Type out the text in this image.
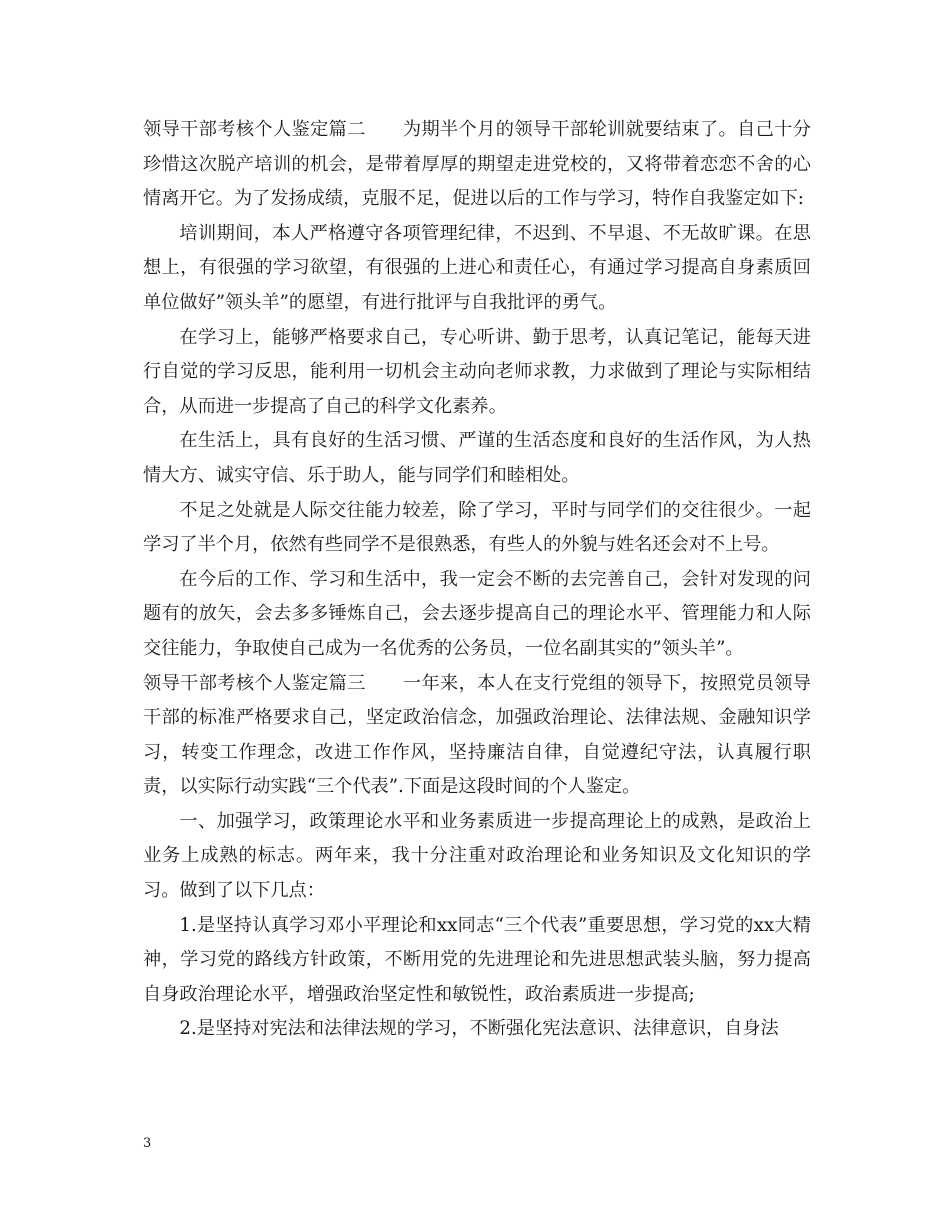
领导干部考核个人鉴定篇二　　为期半个月的领导干部轮训就要结束了。自己十分珍惜这次脱产培训的机会，是带着厚厚的期望走进党校的，又将带着恋恋不舍的心情离开它。为了发扬成绩，克服不足，促进以后的工作与学习，特作自我鉴定如下:

培训期间，本人严格遵守各项管理纪律，不迟到、不早退、不无故旷课。在思想上，有很强的学习欲望，有很强的上进心和责任心，有通过学习提高自身素质回单位做好”领头羊”的愿望，有进行批评与自我批评的勇气。

在学习上，能够严格要求自己，专心听讲、勤于思考，认真记笔记，能每天进行自觉的学习反思，能利用一切机会主动向老师求教，力求做到了理论与实际相结合，从而进一步提高了自己的科学文化素养。

在生活上，具有良好的生活习惯、严谨的生活态度和良好的生活作风，为人热情大方、诚实守信、乐于助人，能与同学们和睦相处。

不足之处就是人际交往能力较差，除了学习，平时与同学们的交往很少。一起学习了半个月，依然有些同学不是很熟悉，有些人的外貌与姓名还会对不上号。

在今后的工作、学习和生活中，我一定会不断的去完善自己，会针对发现的问题有的放矢，会去多多锤炼自己，会去逐步提高自己的理论水平、管理能力和人际交往能力，争取使自己成为一名优秀的公务员，一位名副其实的”领头羊”。

领导干部考核个人鉴定篇三　　一年来，本人在支行党组的领导下，按照党员领导干部的标准严格要求自己，坚定政治信念，加强政治理论、法律法规、金融知识学习，转变工作理念，改进工作作风，坚持廉洁自律，自觉遵纪守法，认真履行职责，以实际行动实践“三个代表”.下面是这段时间的个人鉴定。

一、加强学习，政策理论水平和业务素质进一步提高理论上的成熟，是政治上业务上成熟的标志。两年来，我十分注重对政治理论和业务知识及文化知识的学习。做到了以下几点：

1.是坚持认真学习邓小平理论和xx同志“三个代表”重要思想，学习党的xx大精神，学习党的路线方针政策，不断用党的先进理论和先进思想武装头脑，努力提高自身政治理论水平，增强政治坚定性和敏锐性，政治素质进一步提高;

2.是坚持对宪法和法律法规的学习，不断强化宪法意识、法律意识，自身法

3
